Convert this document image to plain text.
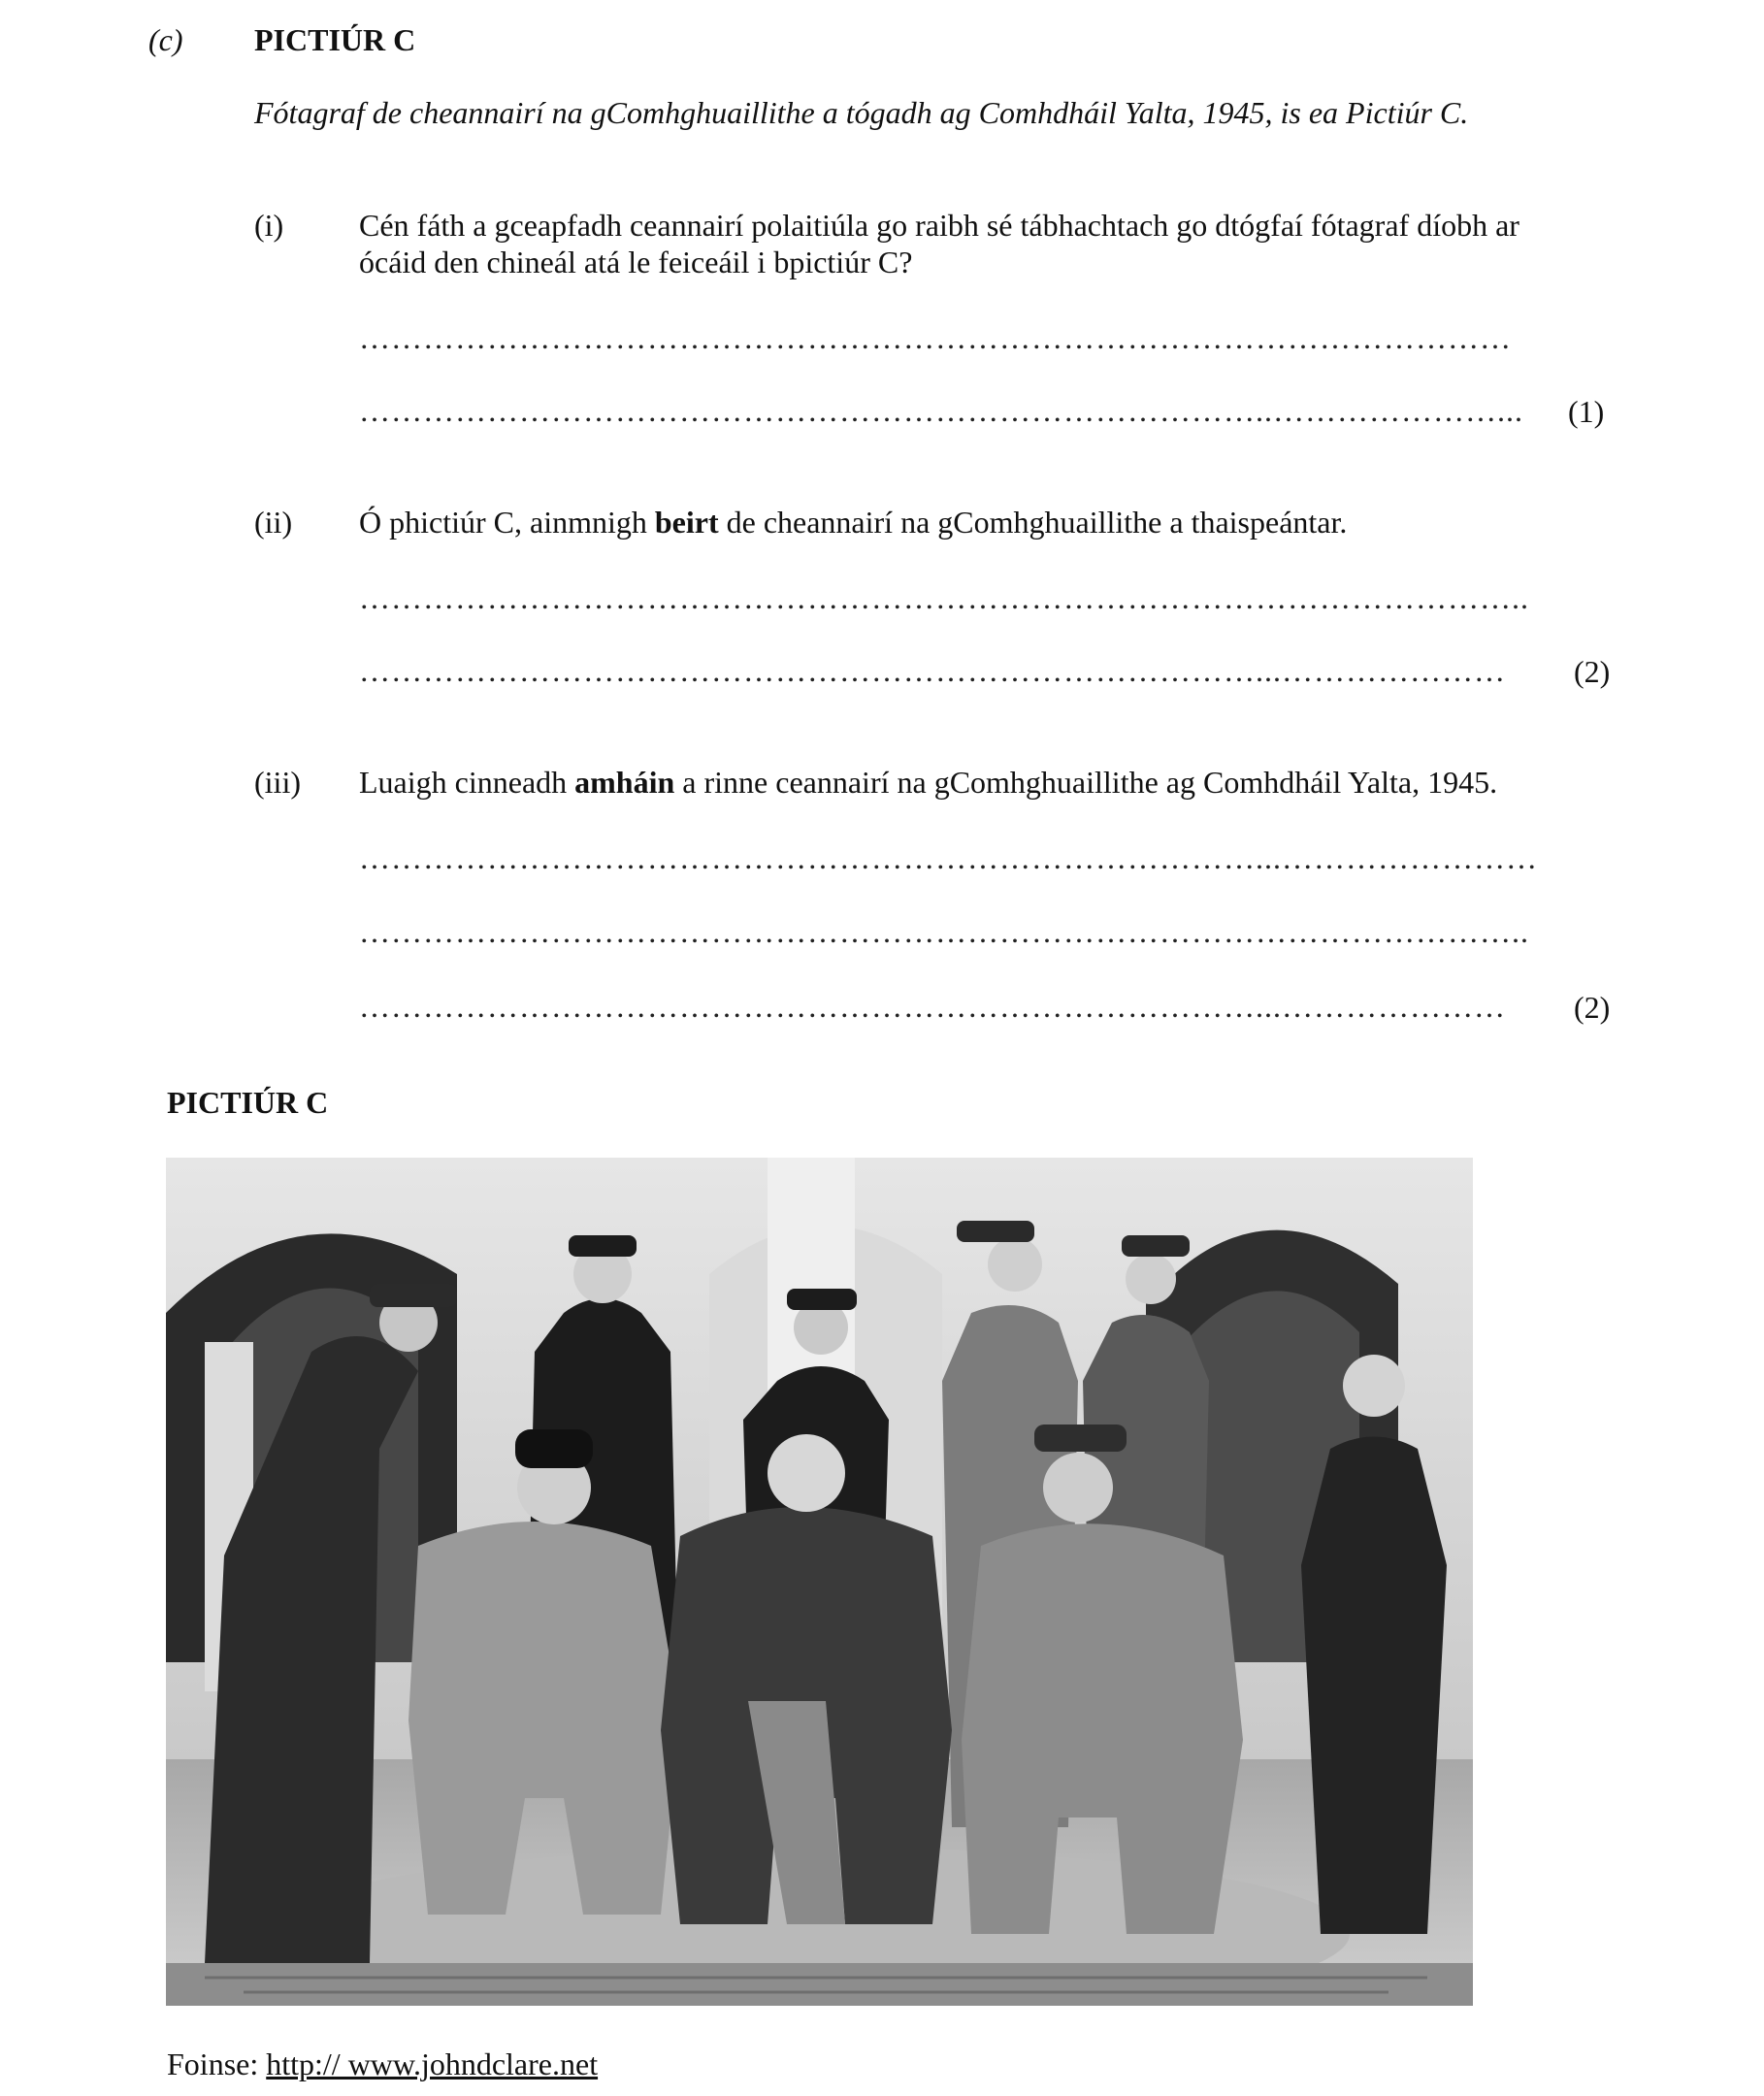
(c) PICTIÚR C
Fótagraf de cheannairí na gComhghuaillithe a tógadh ag Comhdháil Yalta, 1945, is ea Pictiúr C.
(i) Cén fáth a gceapfadh ceannairí polaitiúla go raibh sé tábhachtach go dtógfaí fótagraf díobh ar
ócáid den chineál atá le feiceáil i bpictiúr C?
………………………………………………………………………………………………
…………………………………………………………………………..…………………... (1)
(ii) Ó phictiúr C, ainmnigh beirt de cheannairí na gComhghuaillithe a thaispeántar.
………………………………………………………………………………………………..
…………………………………………………………………………...………………… (2)
(iii) Luaigh cinneadh amháin a rinne ceannairí na gComhghuaillithe ag Comhdháil Yalta, 1945.
…………………………………………………………………………...……………………
………………………………………………………………………………………………..
…………………………………………………………………………...………………… (2)
PICTIÚR C
Foinse: http:// www.johndclare.net
